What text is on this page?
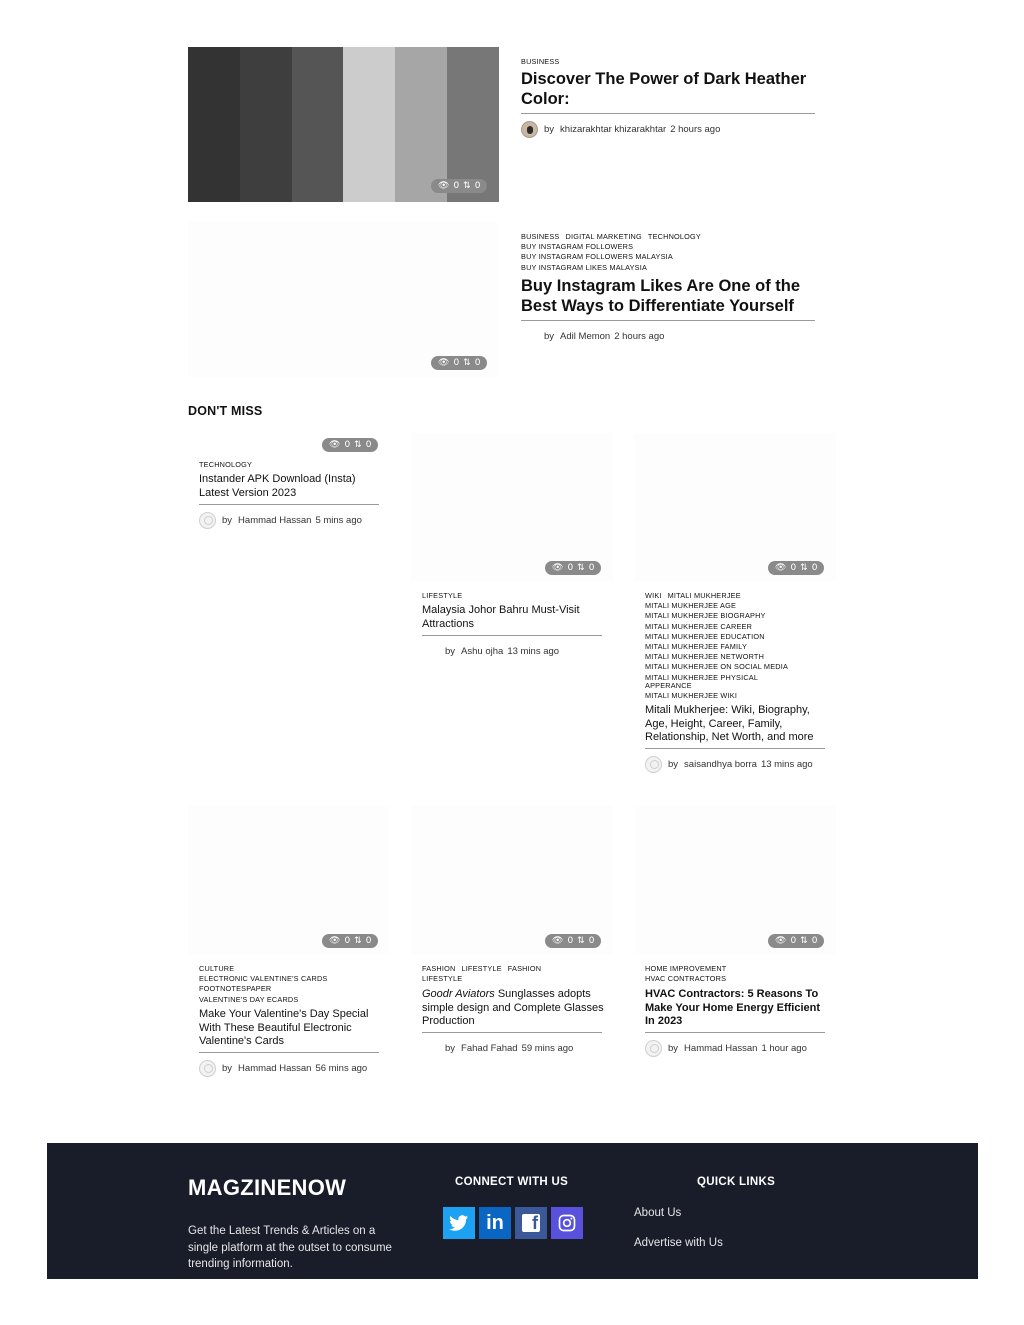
👁 0 ⇅ 0
BUSINESS
Discover The Power of Dark Heather Color:
by khizarakhtar khizarakhtar 2 hours ago
👁 0 ⇅ 0
BUSINESS DIGITAL MARKETING TECHNOLOGY
BUY INSTAGRAM FOLLOWERS
BUY INSTAGRAM FOLLOWERS MALAYSIA
BUY INSTAGRAM LIKES MALAYSIA
Buy Instagram Likes Are One of the Best Ways to Differentiate Yourself
by Adil Memon 2 hours ago
DON'T MISS
👁 0 ⇅ 0
TECHNOLOGY
Instander APK Download (Insta) Latest Version 2023
by Hammad Hassan 5 mins ago
👁 0 ⇅ 0
LIFESTYLE
Malaysia Johor Bahru Must-Visit Attractions
by Ashu ojha 13 mins ago
👁 0 ⇅ 0
WIKI MITALI MUKHERJEE
MITALI MUKHERJEE AGE
MITALI MUKHERJEE BIOGRAPHY
MITALI MUKHERJEE CAREER
MITALI MUKHERJEE EDUCATION
MITALI MUKHERJEE FAMILY
MITALI MUKHERJEE NETWORTH
MITALI MUKHERJEE ON SOCIAL MEDIA

MITALI MUKHERJEE PHYSICAL APPERANCE
MITALI MUKHERJEE WIKI
Mitali Mukherjee: Wiki, Biography, Age, Height, Career, Family, Relationship, Net Worth, and more
by saisandhya borra 13 mins ago
👁 0 ⇅ 0
CULTURE
ELECTRONIC VALENTINE'S CARDS
FOOTNOTESPAPER
VALENTINE'S DAY ECARDS
Make Your Valentine's Day Special With These Beautiful Electronic Valentine's Cards
by Hammad Hassan 56 mins ago
👁 0 ⇅ 0
FASHION LIFESTYLE FASHION LIFESTYLE
Goodr Aviators Sunglasses adopts simple design and Complete Glasses Production
by Fahad Fahad 59 mins ago
👁 0 ⇅ 0
HOME IMPROVEMENT
HVAC CONTRACTORS
HVAC Contractors: 5 Reasons To Make Your Home Energy Efficient In 2023
by Hammad Hassan 1 hour ago
MAGZINENOW
Get the Latest Trends & Articles on a single platform at the outset to consume trending information.
CONNECT WITH US
in	f
QUICK LINKS
About Us
Advertise with Us
